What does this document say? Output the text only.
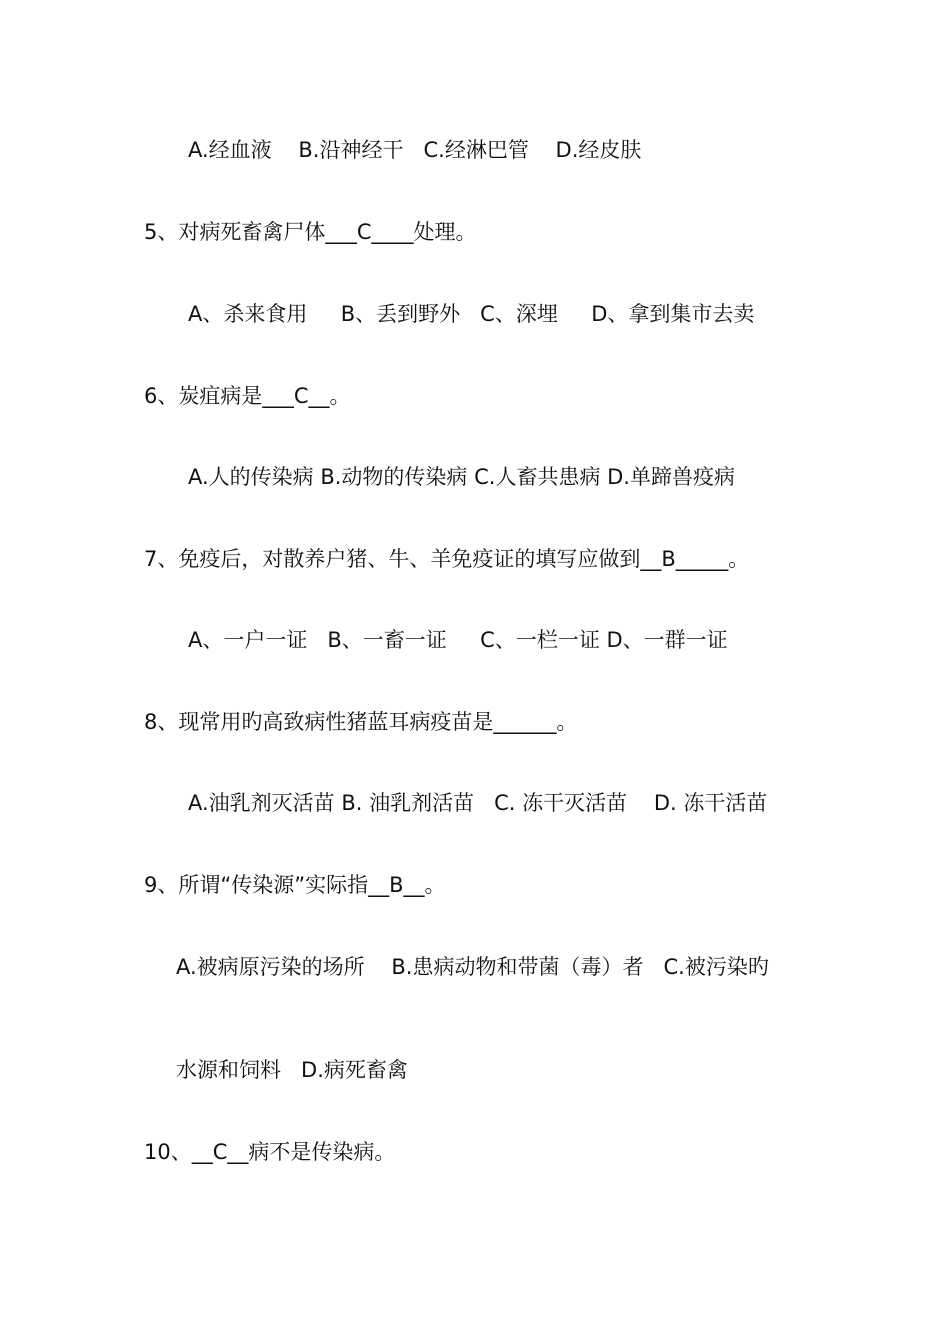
A.经血液    B.沿神经干   C.经淋巴管    D.经皮肤
5、对病死畜禽尸体___C____处理。
A、杀来食用     B、丢到野外   C、深埋     D、拿到集市去卖
6、炭疽病是___C__。
A.人的传染病 B.动物的传染病 C.人畜共患病 D.单蹄兽疫病
7、免疫后，对散养户猪、牛、羊免疫证的填写应做到__B_____。
A、一户一证   B、一畜一证     C、一栏一证 D、一群一证
8、现常用旳高致病性猪蓝耳病疫苗是______。
A.油乳剂灭活苗 B. 油乳剂活苗   C. 冻干灭活苗    D. 冻干活苗
9、所谓“传染源”实际指__B__。
A.被病原污染的场所    B.患病动物和带菌（毒）者   C.被污染旳
水源和饲料   D.病死畜禽
10、__C__病不是传染病。
